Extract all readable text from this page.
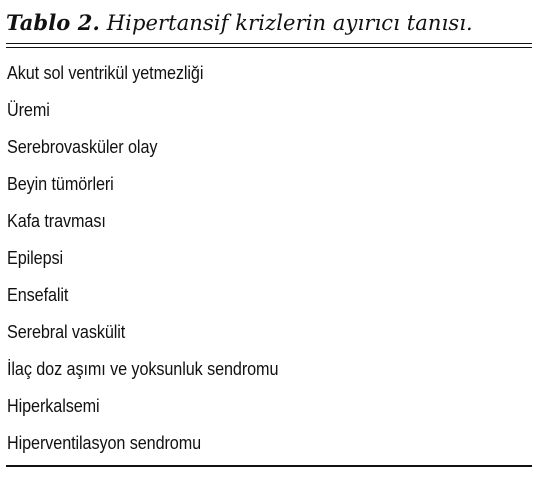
Tablo 2. Hipertansif krizlerin ayırıcı tanısı.
Akut sol ventrikül yetmezliği
Üremi
Serebrovasküler olay
Beyin tümörleri
Kafa travması
Epilepsi
Ensefalit
Serebral vaskülit
İlaç doz aşımı ve yoksunluk sendromu
Hiperkalsemi
Hiperventilasyon sendromu
